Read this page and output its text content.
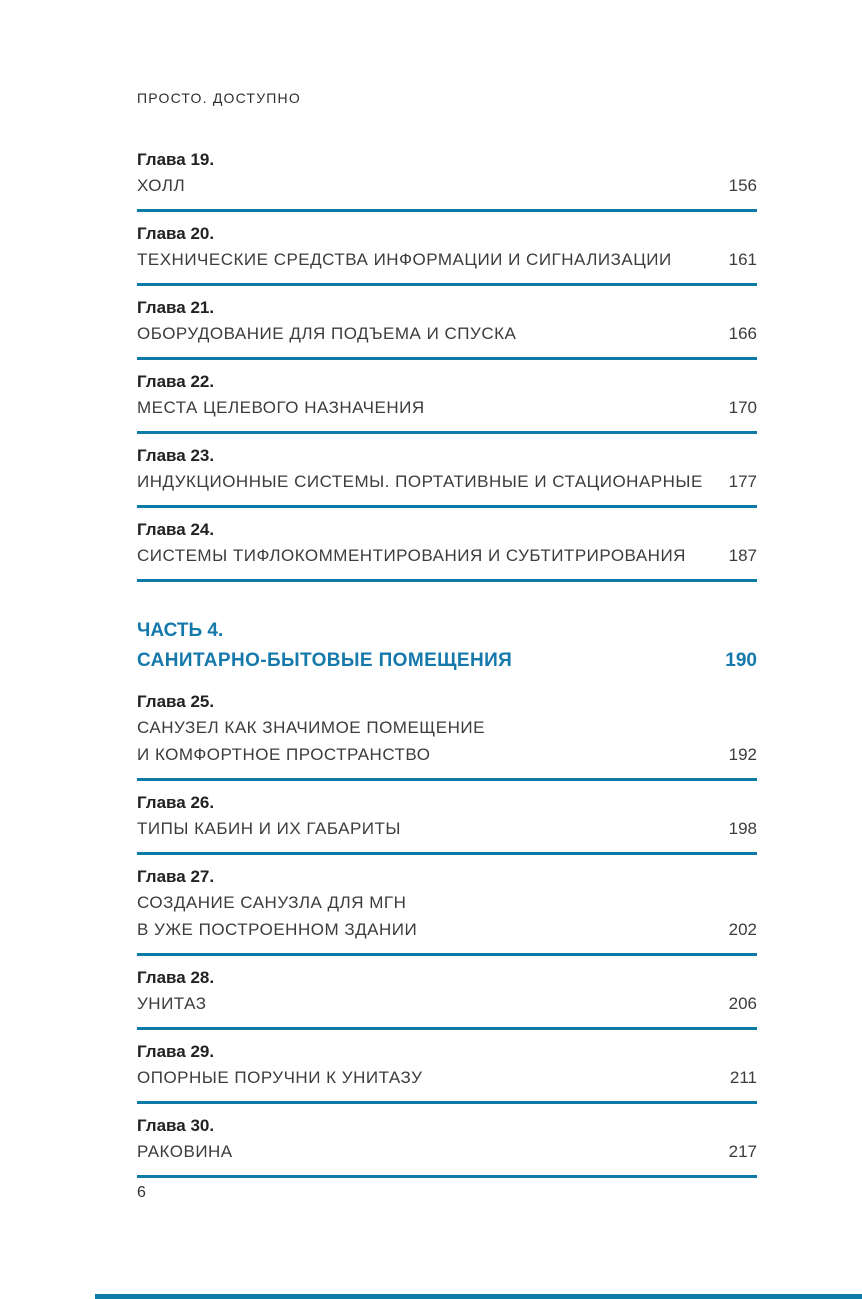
ПРОСТО. ДОСТУПНО
Глава 19.
ХОЛЛ	156
Глава 20.
ТЕХНИЧЕСКИЕ СРЕДСТВА ИНФОРМАЦИИ И СИГНАЛИЗАЦИИ	161
Глава 21.
ОБОРУДОВАНИЕ ДЛЯ ПОДЪЕМА И СПУСКА	166
Глава 22.
МЕСТА ЦЕЛЕВОГО НАЗНАЧЕНИЯ	170
Глава 23.
ИНДУКЦИОННЫЕ СИСТЕМЫ. ПОРТАТИВНЫЕ И СТАЦИОНАРНЫЕ	177
Глава 24.
СИСТЕМЫ ТИФЛОКОММЕНТИРОВАНИЯ И СУБТИТРИРОВАНИЯ	187
ЧАСТЬ 4.
САНИТАРНО-БЫТОВЫЕ ПОМЕЩЕНИЯ	190
Глава 25.
САНУЗЕЛ КАК ЗНАЧИМОЕ ПОМЕЩЕНИЕ
И КОМФОРТНОЕ ПРОСТРАНСТВО	192
Глава 26.
ТИПЫ КАБИН И ИХ ГАБАРИТЫ	198
Глава 27.
СОЗДАНИЕ САНУЗЛА ДЛЯ МГН
В УЖЕ ПОСТРОЕННОМ ЗДАНИИ	202
Глава 28.
УНИТАЗ	206
Глава 29.
ОПОРНЫЕ ПОРУЧНИ К УНИТАЗУ	211
Глава 30.
РАКОВИНА	217
6
